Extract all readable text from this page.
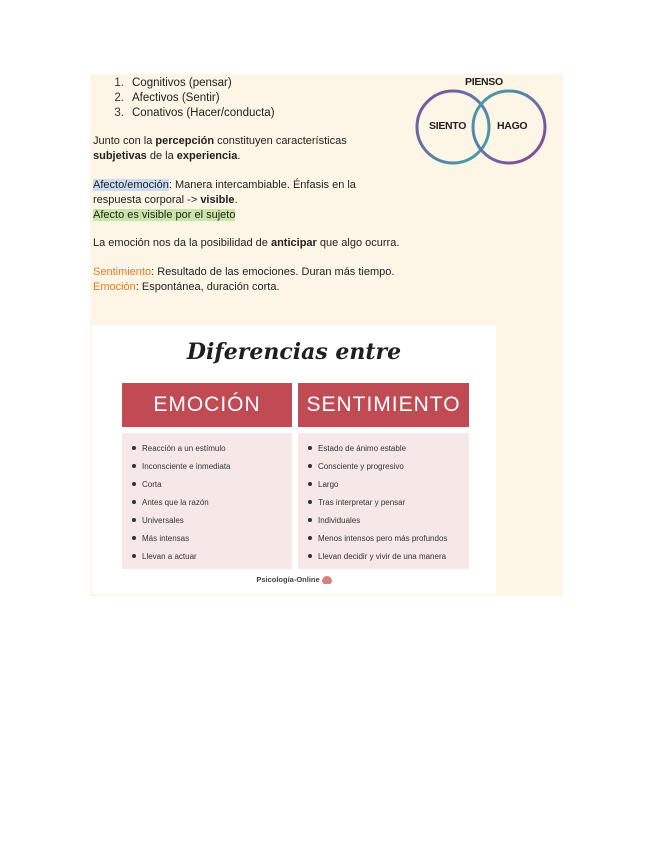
1. Cognitivos (pensar)
2. Afectivos (Sentir)
3. Conativos (Hacer/conducta)
Junto con la percepción constituyen características
subjetivas de la experiencia.
Afecto/emoción: Manera intercambiable. Énfasis en la
respuesta corporal -> visible.
Afecto es visible por el sujeto
La emoción nos da la posibilidad de anticipar que algo ocurra.
Sentimiento: Resultado de las emociones. Duran más tiempo.
Emoción: Espontánea, duración corta.
PIENSO
SIENTO	HAGO
Diferencias entre
EMOCIÓN	SENTIMIENTO
Reacción a un estímulo
Inconsciente e inmediata
Corta
Antes que la razón
Universales
Más intensas
Llevan a actuar
Estado de ánimo estable
Consciente y progresivo
Largo
Tras interpretar y pensar
Individuales
Menos intensos pero más profundos
Llevan decidir y vivir de una manera
Psicología-Online
